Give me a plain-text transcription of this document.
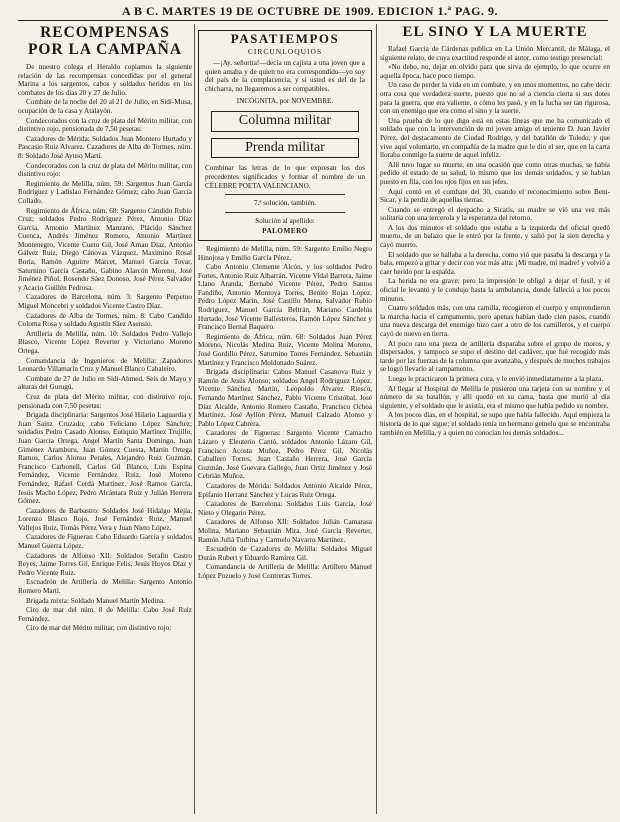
A B C. MARTES 19 DE OCTUBRE DE 1909. EDICION 1.ª PAG. 9.
RECOMPENSAS
POR LA CAMPAÑA

De nuestro colega el Heraldo copiamos la siguiente relación de las recompensas concedidas por el general Marina a los sargentos, cabos y soldados heridos en los combates de los días 20 y 27 de Julio.

Combate de la noche del 20 al 21 de Julio, en Sidi-Musa, ocupación de la casa y Atalayón.

Condecorados con la cruz de plata del Mérito militar, con distintivo rojo, pensionada de 7,50 pesetas:

Cazadores de Mérida: Soldados Juan Montero Hurtado y Pascasio Ruiz Alvarez. Cazadores de Alba de Tormes, núm. 8: Soldado José Ayuso Martí.

Condecorados con la cruz de plata del Mérito militar, con distintivo rojo:

Regimiento de Melilla, núm. 59: Sargentos Juan García Rodríguez y Ladislao Fernández Gómez; cabo Juan García Collado.

Regimiento de África, núm. 68: Sargento Cándido Rubio Cruz; soldados Pedro Rodríguez Pérez, Antonio Díaz García, Antonio Martínez Manzano, Plácido Sánchez Cuenca, Andrés Jiménez Romero, Antonio Martínez Montenegro, Vicente Cueto Gil, José Arnau Díaz, Antonio Gálvez Ruiz, Diego Cánovas Vázquez, Maximino Rosal Boria, Ramón Aguirre Marcet, Manuel García Tovar, Saturnino García Castaño, Gabino Alarcón Moreno, José Jiménez Piñol, Rosendo Sáez Donoso, José Pérez Salvador y Acacio Guillén Pedrosa.

Cazadores de Barcelona, núm. 3: Sargento Perpetuo Miguel Moncebri y soldados Vicente Castro Díaz.

Cazadores de Alba de Tormes, núm. 8: Cabo Candido Coloma Rosa y soldado Agustín Sáez Asensio.

Artillería de Melilla, núm. 10: Soldados Pedro Vallejo Blasco, Vicente López Reverter y Victoriano Moreno Ortega.

Comandancia de Ingenieros de Melilla: Zapadores Leonardo Villamarín Cruz y Manuel Blanco Cabaleiro.

Combate de 27 de Julio en Sidi-Ahmed, Seis de Mayo y alturas del Gurugú.

Cruz de plata del Mérito militar, con distintivo rojo, pensionada con 7,50 pesetas:

Brigada disciplinaria: Sargentos José Hilario Laguardia y Juan Sainz Cruzado; cabo Feliciano López Sánchez; soldados Pedro Casado Alonso, Eutiquio Martínez Trujillo, Juan García Ortega, Angel Martín Santa Domingo, Juan Giménez Aramburu, Juan Gómez Cuesta, Martín Ortega Ramos, Carlos Alonso Perales, Alejandro Ruiz Guzmán, Francisco Carbonell, Carlos Gil Blanco, Luis Espina Fernández, Vicente Fernández Ruiz, José Moreno Fernández, Rafael Cerdá Martínez, José Ramos García, Jesús Macho López, Pedro Alcántara Ruiz y Julián Herrera Gómez.

Cazadores de Barbastro: Soldados José Hidalgo Mejía, Lorenzo Blasco Rojo, José Fernández Ruiz, Manuel Vallejos Ruiz, Tomás Pérez Vera y Juan Nieto López.

Cazadores de Figueras: Cabo Eduardo García y soldados Manuel Guerra López.

Cazadores de Alfonso XII: Soldados Serafín Castro Reyes, Jaime Torres Gil, Enrique Felis, Jesús Hoyos Díaz y Pedro Vicente Ruiz.

Escuadrón de Artillería de Melilla: Sargento Antonio Romero Martí.

Brigada mixta: Soldado Manuel Martín Medina.

Ciro de mar del núm. 8 de Melilla: Cabo José Ruiz Fernández.

Ciro de mar del Mérito militar, con distintivo rojo:

PASATIEMPOS
CIRCUNLOQUIOS

—¡Ay, señorita!—decía un cajista a una joven que a quien amaba y de quien no era correspondido—yo soy del país de la complacencia, y si usted es del de la chicharra, no llegaremos a ser compatibles.

INCÓGNITA, por NOVEMBRE.

Columna militar
Prenda militar

Combinar las letras de lo que expresan los dos precedentes significados y formar el nombre de un CÉLEBRE POETA VALENCIANO.

7.ª solución, también.

Solución al apellido:

PALOMERO

Regimiento de Melilla, núm. 59: Sargento Emilio Negro Hinojosa y Emilio García Pérez.

Cabo Antonio Clemente Alcón, y los soldados Pedro Fortes, Antonio Ruiz Albarrán, Vicente Vidal Barrera, Jaime Llano Aranda, Bernabé Vicente Pérez, Pedro Santos Fandiño, Antonio Montoya Torres, Benito Rojas López, Pedro López Marín, José Castillo Mena, Salvador Rubio Rodríguez, Manuel García Beltrán, Mariano Cardelús Hurtado, José Vicente Ballesteros, Ramón López Sánchez y Francisco Bernal Baquero.

Regimiento de África, núm. 68: Soldados Juan Pérez Moreno, Nicolás Medina Ruiz, Vicente Molina Moreno, José Gordillo Pérez, Saturnino Torres Fernández, Sebastián Martínez y Francisco Moldonado Suárez.

Brigada disciplinaria: Cabos Manuel Casanova Ruiz y Ramón de Jesús Alonso; soldados Angel Rodríguez López, Vicente Sánchez Martín, Leopoldo Álvarez Riesco, Fernando Martínez Sánchez, Pablo Vicente Cristóbal, José Díaz Alcalde, Antonio Romero Castaño, Francisco Ochoa Martínez, José Ayllón Pérez, Manuel Calzado Alonso y Pablo López Cabrera.

Cazadores de Figueras: Sargento Vicente Camacho Lázaro y Eleuterio Cantó, soldados Antonio Lázaro Gil, Francisco Acosta Muñoz, Pedro Pérez Gil, Nicolás Caballero Torres, Juan Castaño Herrera, José García Guzmán, José Guevara Gallego, Juan Ortiz Jiménez y José Cebrián Muñoz.

Cazadores de Mérida: Soldados Antonio Alcalde Pérez, Epifanio Herranz Sánchez y Lucas Ruiz Ortega.

Cazadores de Barcelona: Soldados Luis García, José Nieto y Olegario Pérez.

Cazadores de Alfonso XII: Soldados Julián Camarasa Molina, Mariano Sebastián Mira, José García Reverter, Ramón Juliá Turbina y Carmelo Navarro Martínez.

Escuadrón de Cazadores de Melilla: Soldados Miguel Durán Rubert y Eduardo Ramírez Gil.

Comandancia de Artillería de Melilla: Artillero Manuel López Pozuelo y José Contreras Torres.

EL SINO Y LA MUERTE

Rafael García de Cárdenas publica en La Unión Mercantil, de Málaga, el siguiente relato, de cuya exactitud responde el autor, como testigo presencial:

«No debo, no, dejar en olvido para que sirva de ejemplo, lo que ocurre en aquella época, hace poco tiempo.

Un caso de perder la vida en un combate, y en unos momentos, no cabe decir otra cosa que verdadera suerte, puesto que no sé a ciencia cierta si sus dotes para la guerra, que era valiente, o cómo les pasó, y en la lucha ser tan rigurosa, con un enemigo que era como el sino y la suerte.

Una prueba de lo que digo está en estas líneas que me ha comunicado el soldado que con la intervención de mi joven amigo el teniente D. Juan Javier Pérez, del destacamento de Ciudad Rodrigo, y del batallón de Toledo, y que vive aquí voluntario, en compañía de la madre que le dio el ser, que en la carta lloraba conmigo la suerte de aquel infeliz.

Allí tuvo lugar su muerte, en una ocasión que como otras muchas, se había pedido el estado de su salud, lo mismo que los demás soldados, y se habían puesto en fila, con los ojos fijos en sus jefes.

Aquí contó en el combate del 30, cuando el reconocimiento sobre Beni-Sicar, y la perdiz de aquellas tierras.

Cuando se entregó el despacho a Sicatis, su madre se vió una vez más solitaria con una tercerola y la esperanza del retorno.

A los dos minutos el soldado que estaba a la izquierda del oficial quedó muerto, de un balazo que le entró por la frente, y salió por la sien derecha y cayó muerto.

El soldado que se hallaba a la derecha, como vió que pasaba la descarga y la bala, empezó a gritar y decir con voz más alta: ¡Mi madre, mi madre! y volvió a caer herido por la espalda.

La herida no era grave; pero la impresión le obligó a dejar el fusil, y el oficial le levantó y le condujo hasta la ambulancia, donde falleció a los pocos minutos.

Cuatro soldados más, con una camilla, recogieron el cuerpo y emprendieron la marcha hacia el campamento, pero apenas habían dado cien pasos, cuando una nueva descarga del enemigo hizo caer a otro de los camilleros, y el cuerpo cayó de nuevo en tierra.

Al poco rato una pieza de artillería disparaba sobre el grupo de moros, y dispersados, y tampoco se supo el destino del cadáver, que fué recogido más tarde por las fuerzas de la columna que avanzaba, y después de muchos trabajos se logró llevarlo al campamento.

Luego le practicaron la primera cura, y le envió inmediatamente a la plaza.

Al llegar al Hospital de Melilla le pusieron una tarjeta con su nombre y el número de su batallón, y allí quedó en su cama, hasta que murió al día siguiente, y el soldado que le asistía, era el mismo que había pedido su nombre.

A los pocos días, en el hospital, se supo que había fallecido. Aquí empieza la historia de lo que sigue; el soldado tenía un hermano gemelo que se encontraba también en Melilla, y a quien no conocían los demás soldados...
